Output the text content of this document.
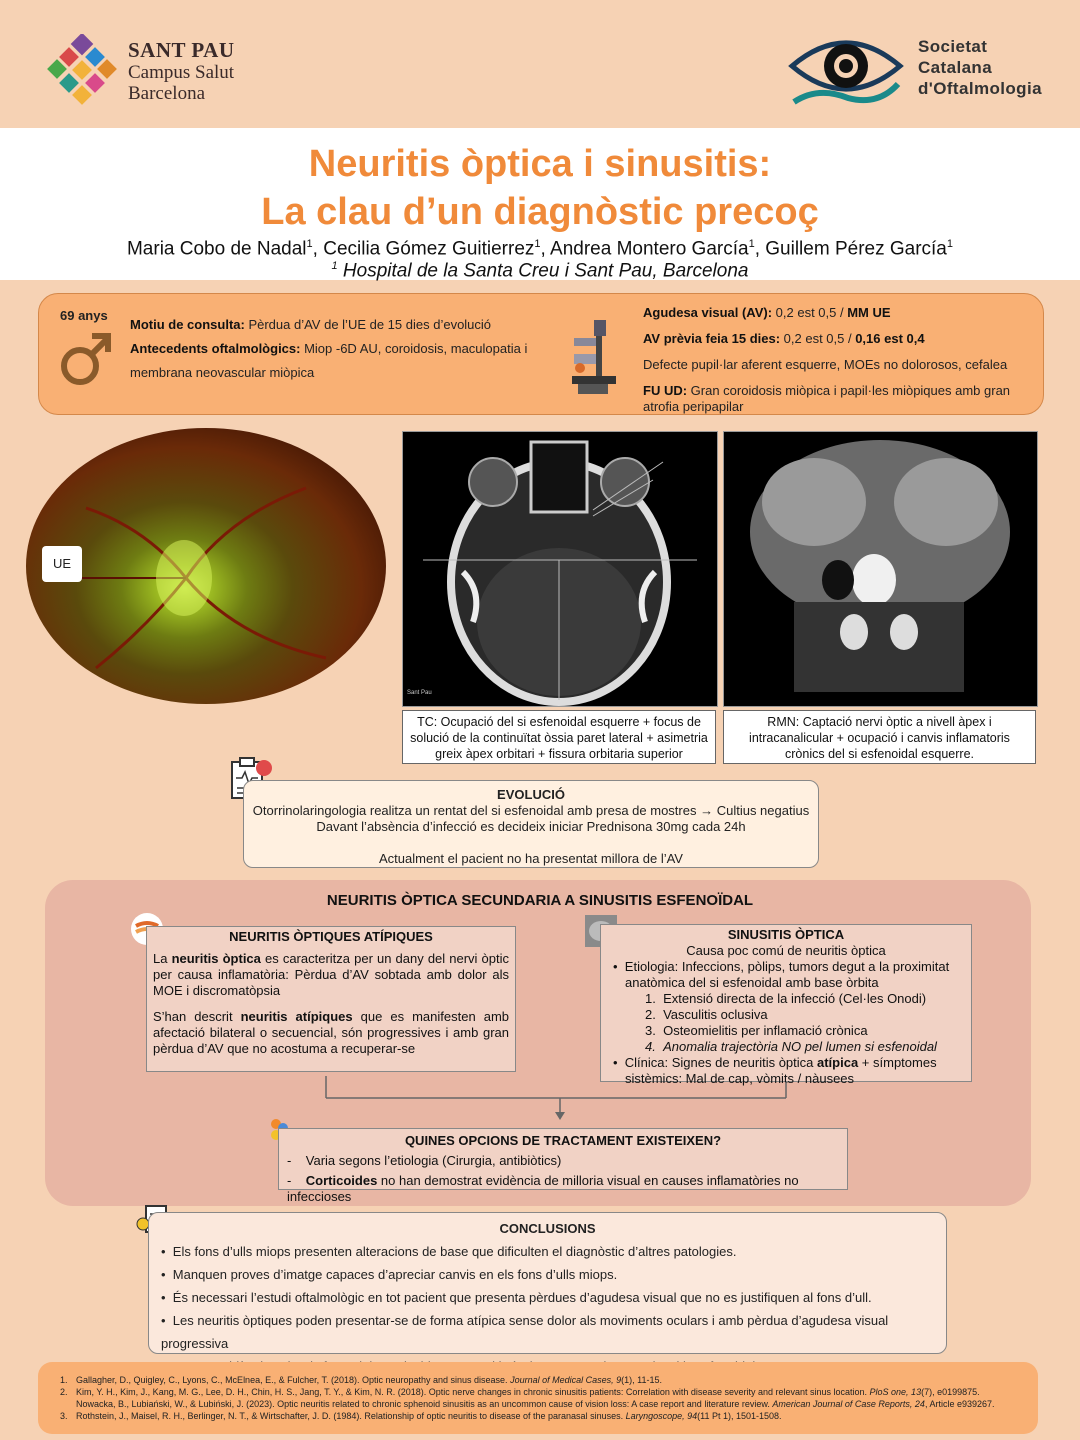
SANT PAU
Campus Salut
Barcelona
Societat
Catalana
d'Oftalmologia
Neuritis òptica i sinusitis:
La clau d’un diagnòstic precoç
Maria Cobo de Nadal$^1$, Cecilia Gómez Guitierrez$^1$, Andrea Montero García$^1$, Guillem Pérez García$^1$
$^1$ Hospital de la Santa Creu i Sant Pau, Barcelona
69 anys
Motiu de consulta: Pèrdua d’AV de l’UE de 15 dies d’evolució
Antecedents oftalmològics: Miop -6D AU, coroidosis, maculopatia i membrana neovascular miòpica
Agudesa visual (AV): 0,2 est 0,5 / MM UE
AV prèvia feia 15 dies: 0,2 est 0,5 / 0,16 est 0,4
Defecte pupil·lar aferent esquerre, MOEs no dolorosos, cefalea
FU UD: Gran coroidosis miòpica i papil·les miòpiques amb gran atrofia peripapilar
UE
Sant Pau
TC: Ocupació del si esfenoidal esquerre + focus de solució de la continuïtat òssia paret lateral + asimetria greix àpex orbitari + fissura orbitaria superior
RMN: Captació nervi òptic a nivell àpex i intracanalicular + ocupació i canvis inflamatoris crònics del si esfenoidal esquerre.
EVOLUCIÓ
Otorrinolaringologia realitza un rentat del si esfenoidal amb presa de mostres → Cultius negatius
Davant l’absència d’infecció es decideix iniciar Prednisona 30mg cada 24h
Actualment el pacient no ha presentat millora de l’AV
NEURITIS ÒPTICA SECUNDARIA A SINUSITIS ESFENOÏDAL
NEURITIS ÒPTIQUES ATÍPIQUES
La neuritis òptica es caracteritza per un dany del nervi òptic per causa inflamatòria: Pèrdua d’AV sobtada amb dolor als MOE i discromatòpsia
S’han descrit neuritis atípiques que es manifesten amb afectació bilateral o secuencial, són progressives i amb gran pèrdua d’AV que no acostuma a recuperar-se
SINUSITIS ÒPTICA
Causa poc comú de neuritis òptica
•  Etiologia: Infeccions, pòlips, tumors degut a la proximitat anatòmica del si esfenoidal amb base òrbita
1.  Extensió directa de la infecció (Cel·les Onodi)
2.  Vasculitis oclusiva
3.  Osteomielitis per inflamació crònica
4.  Anomalia trajectòria NO pel lumen si esfenoidal
•  Clínica: Signes de neuritis òptica atípica + símptomes sistèmics: Mal de cap, vòmits / nàusees
QUINES OPCIONS DE TRACTAMENT EXISTEIXEN?
-    Varia segons l’etiologia (Cirurgia, antibiòtics)
-    Corticoides no han demostrat evidència de milloria visual en causes inflamatòries no infeccioses
CONCLUSIONS
•  Els fons d’ulls miops presenten alteracions de base que dificulten el diagnòstic d’altres patologies.
•  Manquen proves d’imatge capaces d’apreciar canvis en els fons d’ulls miops.
•  És necessari l’estudi oftalmològic en tot pacient que presenta pèrdues d’agudesa visual que no es justifiquen al fons d’ull.
•  Les neuritis òptiques poden presentar-se de forma atípica sense dolor als moviments oculars i amb pèrdua d’agudesa visual progressiva
1. Gallagher, D., Quigley, C., Lyons, C., McElnea, E., & Fulcher, T. (2018). Optic neuropathy and sinus disease. Journal of Medical Cases, 9(1), 11-15.
2. Kim, Y. H., Kim, J., Kang, M. G., Lee, D. H., Chin, H. S., Jang, T. Y., & Kim, N. R. (2018). Optic nerve changes in chronic sinusitis patients: Correlation with disease severity and relevant sinus location. PloS one, 13(7), e0199875.
Nowacka, B., Lubiański, W., & Lubiński, J. (2023). Optic neuritis related to chronic sphenoid sinusitis as an uncommon cause of vision loss: A case report and literature review. American Journal of Case Reports, 24, Article e939267.
3. Rothstein, J., Maisel, R. H., Berlinger, N. T., & Wirtschafter, J. D. (1984). Relationship of optic neuritis to disease of the paranasal sinuses. Laryngoscope, 94(11 Pt 1), 1501-1508.
